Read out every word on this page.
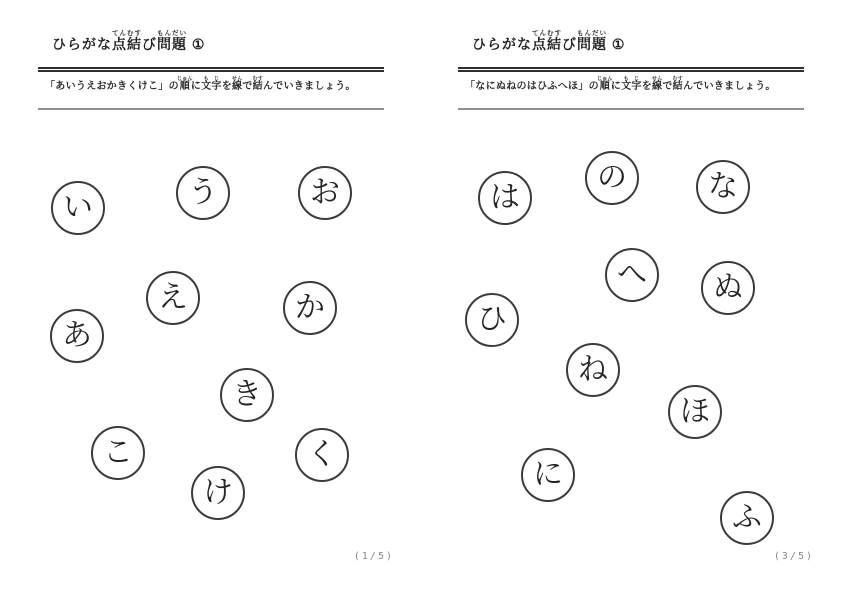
ひらがな点結てんむすび問題もんだい ①

「あいうえおかきくけこ」の順じゅんに文字もじを線せんで結むすんでいきましょう。

あ
い	う
え
お
か
き
く
け
こ
(1/5)
ひらがな点結てんむすび問題もんだい ①

「なにぬねのはひふへほ」の順じゅんに文字もじを線せんで結むすんでいきましょう。

な
に
ぬ
ね
の
は
ひ
ふ
へ
ほ
(3/5)
